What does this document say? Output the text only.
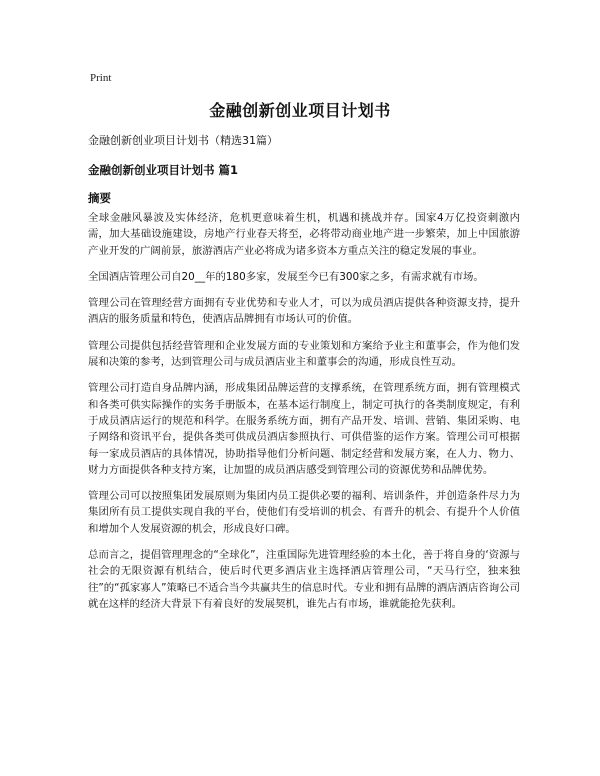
Print
金融创新创业项目计划书
金融创新创业项目计划书（精选31篇）
金融创新创业项目计划书 篇1
摘要

全球金融风暴波及实体经济，危机更意味着生机，机遇和挑战并存。国家4万亿投资刺激内需，加大基础设施建设，房地产行业春天将至，必将带动商业地产进一步繁荣，加上中国旅游产业开发的广阔前景，旅游酒店产业必将成为诸多资本方重点关注的稳定发展的事业。

全国酒店管理公司自20__年的180多家，发展至今已有300家之多，有需求就有市场。

管理公司在管理经营方面拥有专业优势和专业人才，可以为成员酒店提供各种资源支持，提升酒店的服务质量和特色，使酒店品牌拥有市场认可的价值。

管理公司提供包括经营管理和企业发展方面的专业策划和方案给予业主和董事会，作为他们发展和决策的参考，达到管理公司与成员酒店业主和董事会的沟通，形成良性互动。

管理公司打造自身品牌内涵，形成集团品牌运营的支撑系统，在管理系统方面，拥有管理模式和各类可供实际操作的实务手册版本，在基本运行制度上，制定可执行的各类制度规定，有利于成员酒店运行的规范和科学。在服务系统方面，拥有产品开发、培训、营销、集团采购、电子网络和资讯平台，提供各类可供成员酒店参照执行、可供借鉴的运作方案。管理公司可根据每一家成员酒店的具体情况，协助指导他们分析问题、制定经营和发展方案，在人力、物力、财力方面提供各种支持方案，让加盟的成员酒店感受到管理公司的资源优势和品牌优势。

管理公司可以按照集团发展原则为集团内员工提供必要的福利、培训条件，并创造条件尽力为集团所有员工提供实现自我的平台，使他们有受培训的机会、有晋升的机会、有提升个人价值和增加个人发展资源的机会，形成良好口碑。

总而言之，提倡管理理念的“全球化”，注重国际先进管理经验的本土化，善于将自身的‘资源与社会的无限资源有机结合，使后时代更多酒店业主选择酒店管理公司，“天马行空，独来独往”的“孤家寡人”策略已不适合当今共赢共生的信息时代。专业和拥有品牌的酒店酒店咨询公司就在这样的经济大背景下有着良好的发展契机，谁先占有市场，谁就能抢先获利。
